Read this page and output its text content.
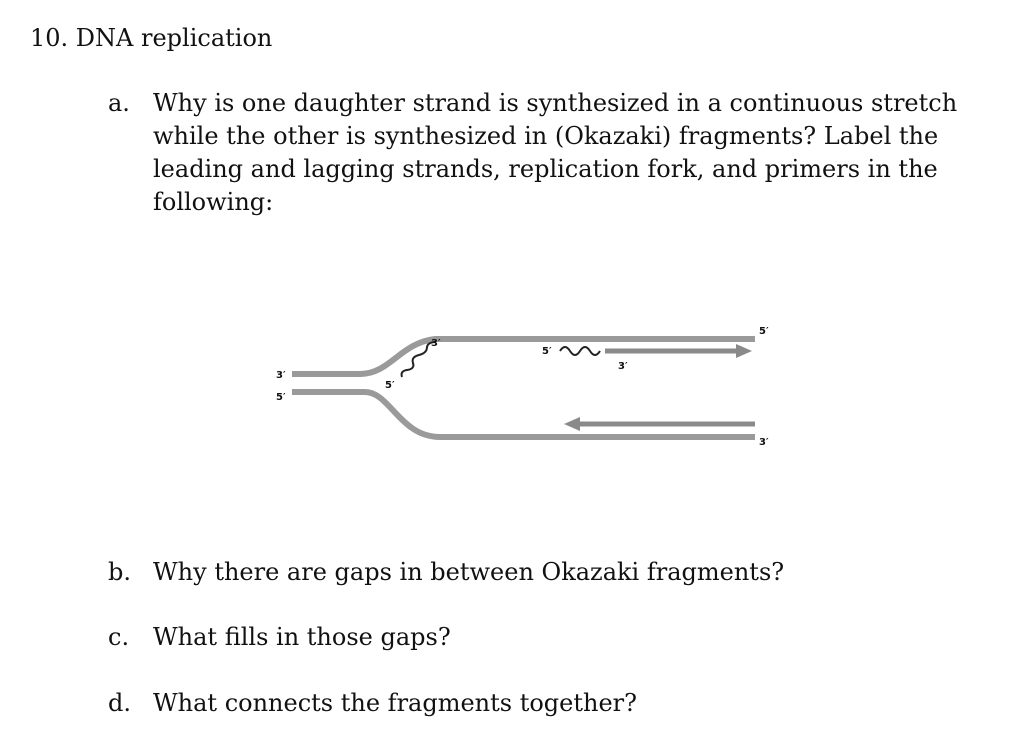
10. DNA replication
a. Why is one daughter strand is synthesized in a continuous stretch while the other is synthesized in (Okazaki) fragments? Label the leading and lagging strands, replication fork, and primers in the following:
3′
5′
5′
3′
3′
5′
5′
3′
b. Why there are gaps in between Okazaki fragments?
c. What fills in those gaps?
d. What connects the fragments together?
